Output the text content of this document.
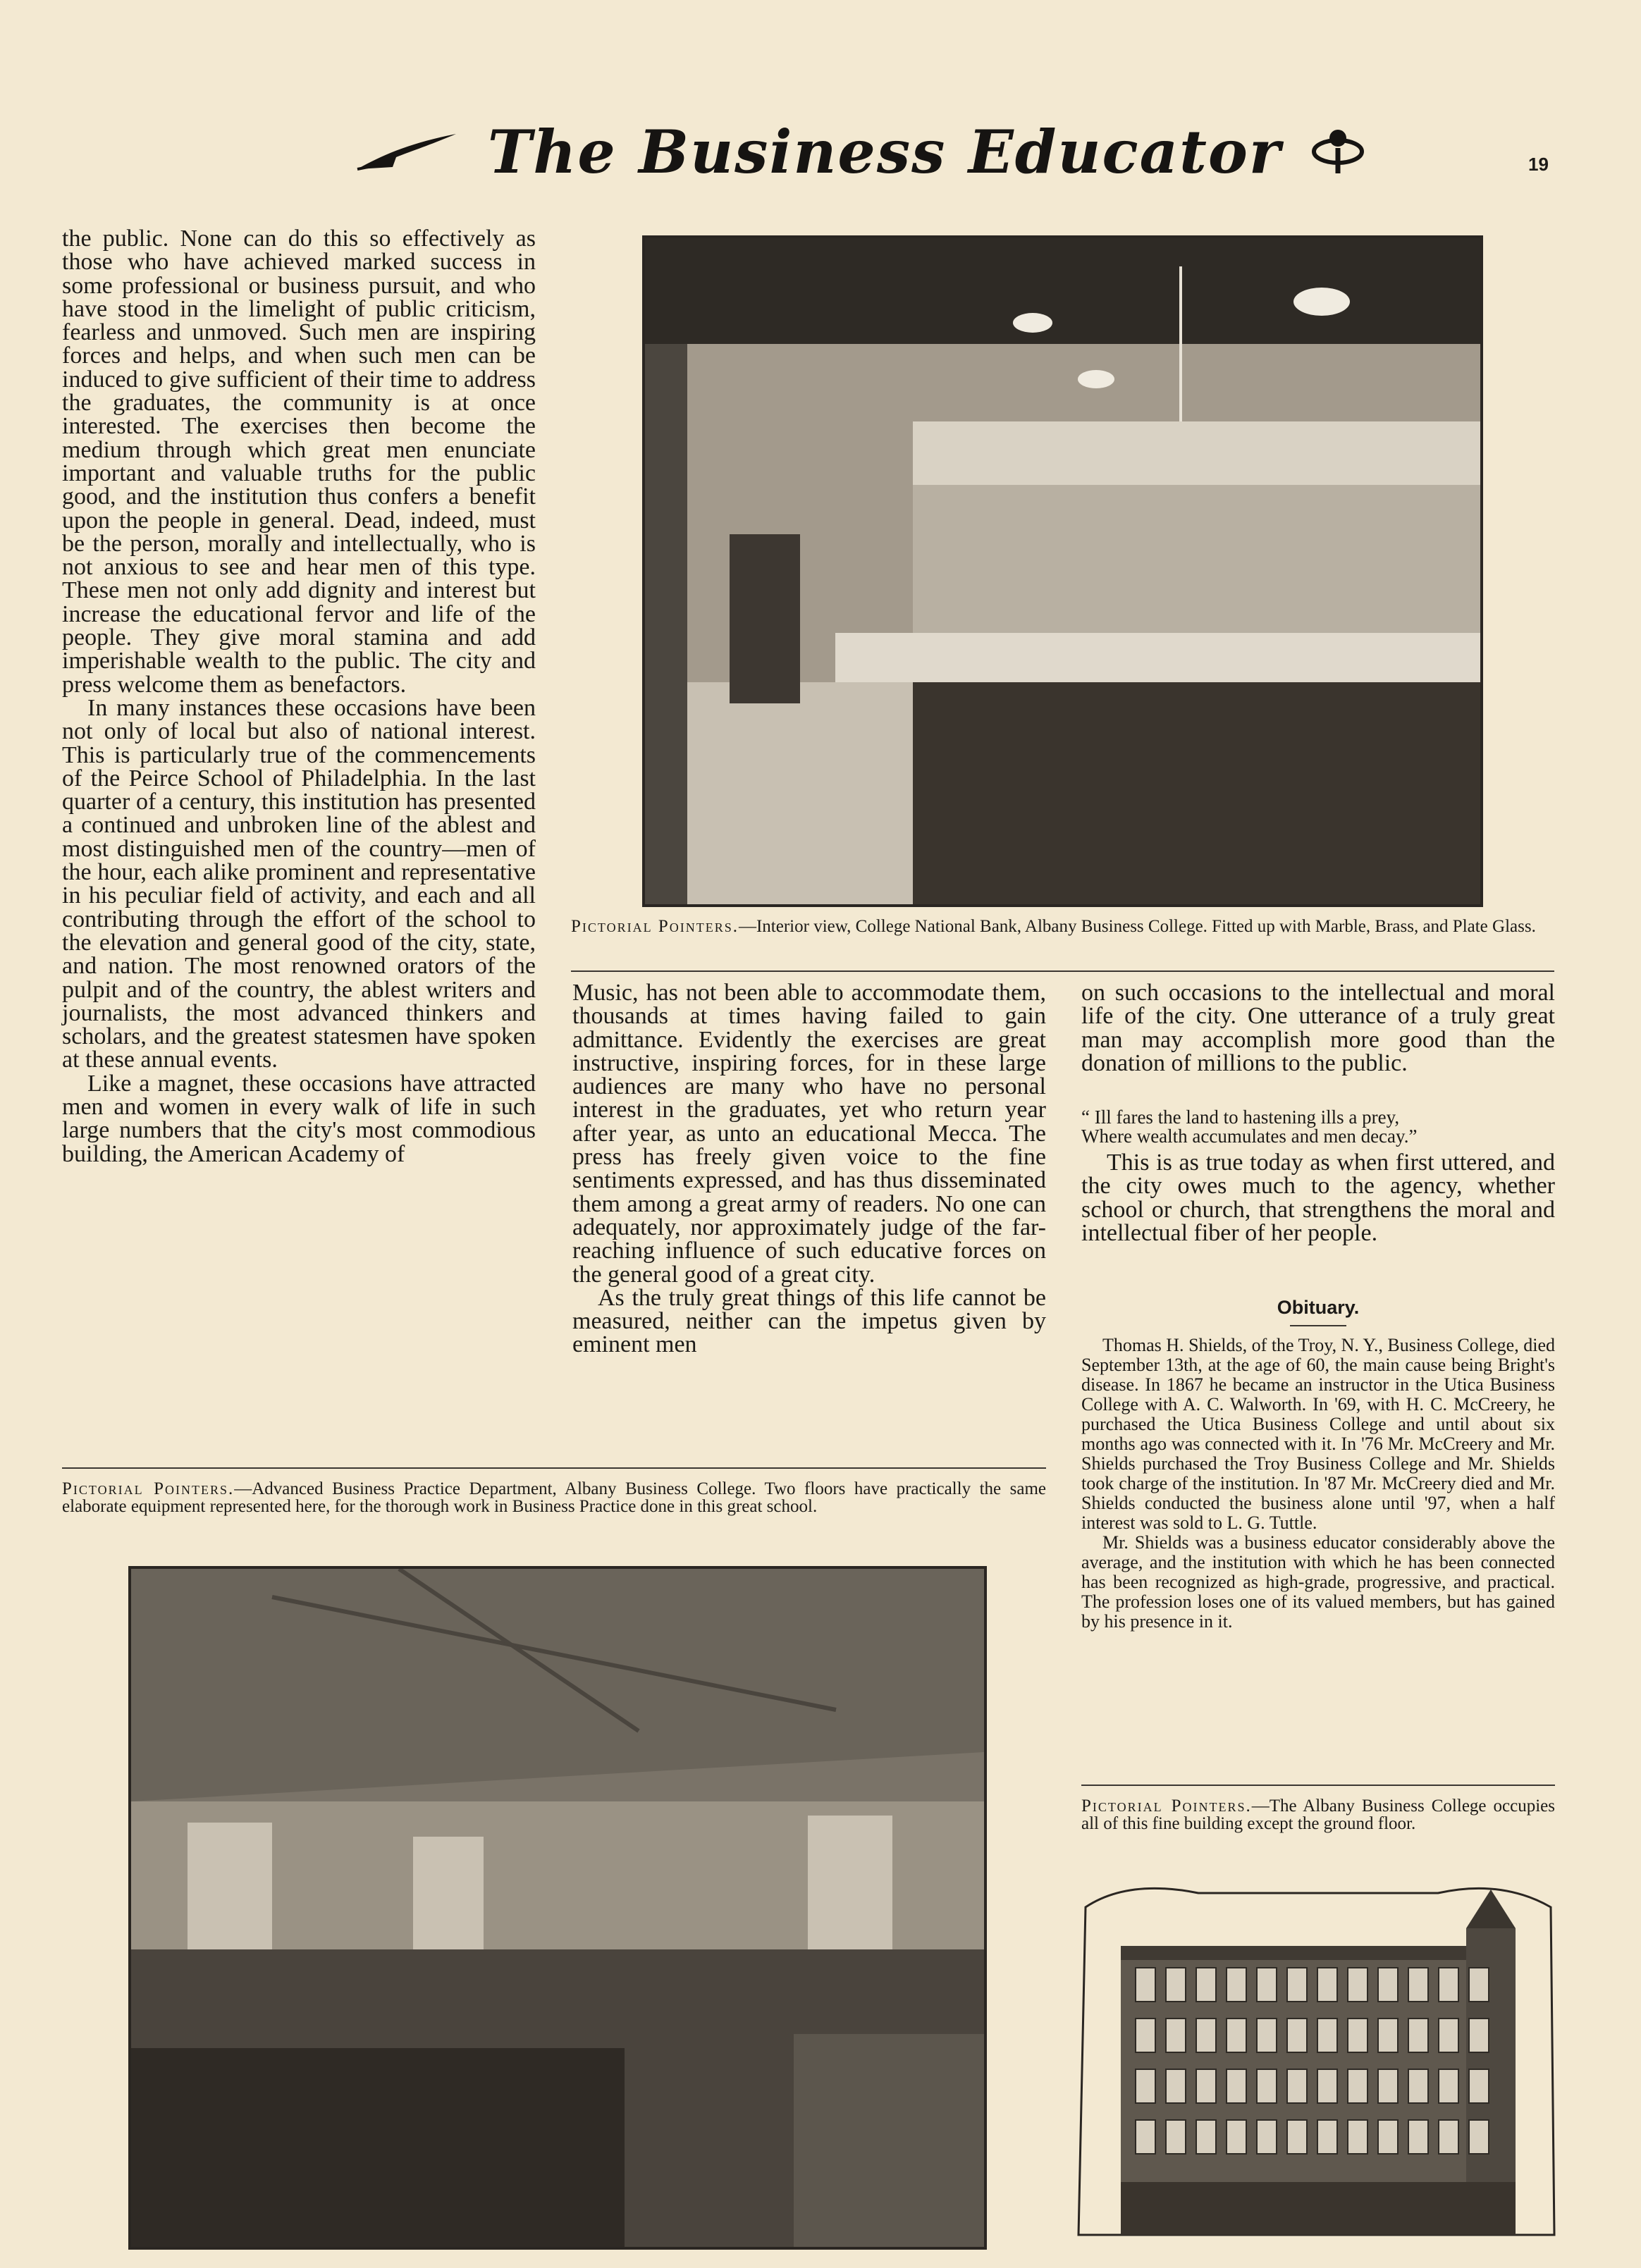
The Business Educator	19

the public. None can do this so effectively as those who have achieved marked success in some professional or business pursuit, and who have stood in the limelight of public criticism, fearless and unmoved. Such men are inspiring forces and helps, and when such men can be induced to give sufficient of their time to address the graduates, the community is at once interested. The exercises then become the medium through which great men enunciate important and valuable truths for the public good, and the institution thus confers a benefit upon the people in general. Dead, indeed, must be the person, morally and intellectually, who is not anxious to see and hear men of this type. These men not only add dignity and interest but increase the educational fervor and life of the people. They give moral stamina and add imperishable wealth to the public. The city and press welcome them as benefactors.

In many instances these occasions have been not only of local but also of national interest. This is particularly true of the commencements of the Peirce School of Philadelphia. In the last quarter of a century, this institution has presented a continued and unbroken line of the ablest and most distinguished men of the country—men of the hour, each alike prominent and representative in his peculiar field of activity, and each and all contributing through the effort of the school to the elevation and general good of the city, state, and nation. The most renowned orators of the pulpit and of the country, the ablest writers and journalists, the most advanced thinkers and scholars, and the greatest statesmen have spoken at these annual events.

Like a magnet, these occasions have attracted men and women in every walk of life in such large numbers that the city's most commodious building, the American Academy of

Pictorial Pointers.—Interior view, College National Bank, Albany Business College. Fitted up with Marble, Brass, and Plate Glass.

Music, has not been able to accommodate them, thousands at times having failed to gain admittance. Evidently the exercises are great instructive, inspiring forces, for in these large audiences are many who have no personal interest in the graduates, yet who return year after year, as unto an educational Mecca. The press has freely given voice to the fine sentiments expressed, and has thus disseminated them among a great army of readers. No one can adequately, nor approximately judge of the far-reaching influence of such educative forces on the general good of a great city.

As the truly great things of this life cannot be measured, neither can the impetus given by eminent men

on such occasions to the intellectual and moral life of the city. One utterance of a truly great man may accomplish more good than the donation of millions to the public.

“ Ill fares the land to hastening ills a prey,
Where wealth accumulates and men decay.”

This is as true today as when first uttered, and the city owes much to the agency, whether school or church, that strengthens the moral and intellectual fiber of her people.

Obituary.

Thomas H. Shields, of the Troy, N. Y., Business College, died September 13th, at the age of 60, the main cause being Bright's disease. In 1867 he became an instructor in the Utica Business College with A. C. Walworth. In '69, with H. C. McCreery, he purchased the Utica Business College and until about six months ago was connected with it. In '76 Mr. McCreery and Mr. Shields purchased the Troy Business College and Mr. Shields took charge of the institution. In '87 Mr. McCreery died and Mr. Shields conducted the business alone until '97, when a half interest was sold to L. G. Tuttle.

Mr. Shields was a business educator considerably above the average, and the institution with which he has been connected has been recognized as high-grade, progressive, and practical. The profession loses one of its valued members, but has gained by his presence in it.

Pictorial Pointers.—Advanced Business Practice Department, Albany Business College. Two floors have practically the same elaborate equipment represented here, for the thorough work in Business Practice done in this great school.
Pictorial Pointers.—The Albany Business College occupies all of this fine building except the ground floor.
